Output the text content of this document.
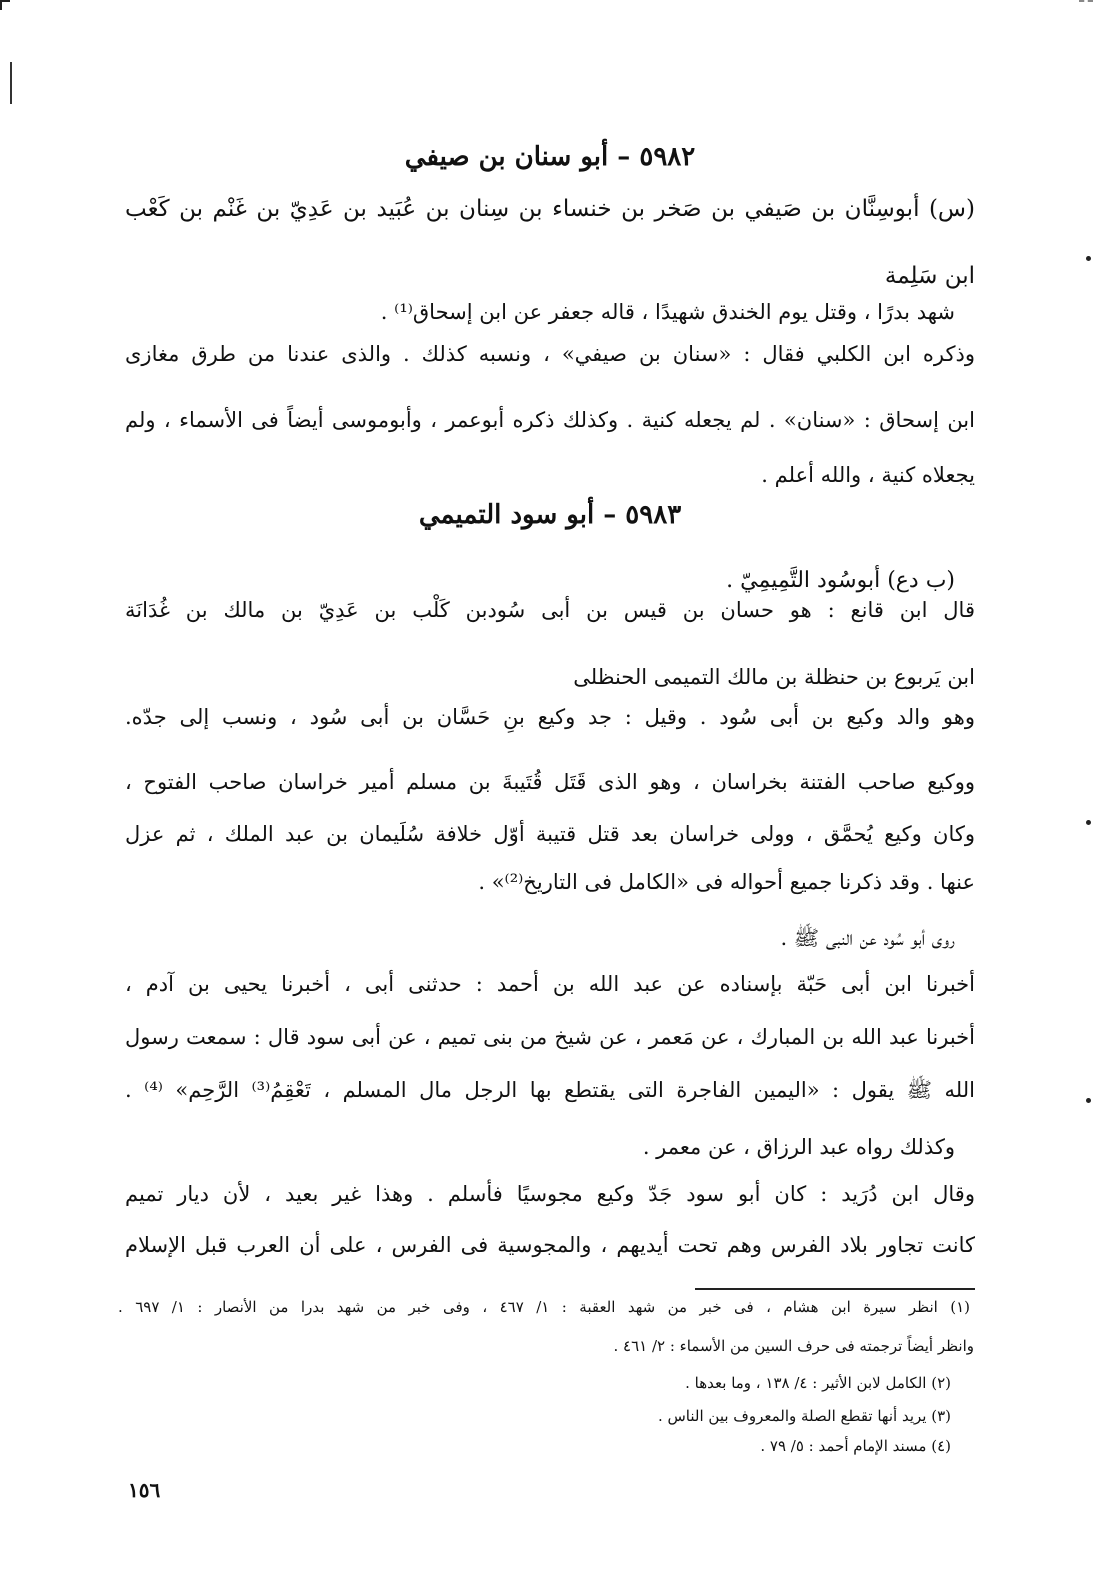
٥٩٨٢ – أبو سنان بن صيفي
(س) أبوسِنَّان بن صَيفي بن صَخر بن خنساء بن سِنان بن عُبَيد بن عَدِيّ بن غَنْم بن كَعْب
ابن سَلِمة
شهد بدرًا ، وقتل يوم الخندق شهيدًا ، قاله جعفر عن ابن إسحاق⁽¹⁾ .
وذكره ابن الكلبي فقال : «سنان بن صيفي» ، ونسبه كذلك . والذى عندنا من طرق مغازى
ابن إسحاق : «سنان» . لم يجعله كنية . وكذلك ذكره أبوعمر ، وأبوموسى أيضاً فى الأسماء ، ولم
يجعلاه كنية ، والله أعلم .
٥٩٨٣ – أبو سود التميمي
(ب دع) أبوسُود التَّمِيمِيّ .
قال ابن قانع : هو حسان بن قيس بن أبى سُودبن كَلْب بن عَدِيّ بن مالك بن غُدَانَة
ابن يَربوع بن حنظلة بن مالك التميمى الحنظلى
وهو والد وكيع بن أبى سُود . وقيل : جد وكيع بنِ حَسَّان بن أبى سُود ، ونسب إلى جدّه.
ووكيع صاحب الفتنة بخراسان ، وهو الذى قَتَل قُتَيبةَ بن مسلم أمير خراسان صاحب الفتوح ،
وكان وكيع يُحمَّق ، وولى خراسان بعد قتل قتيبة أوّل خلافة سُلَيمان بن عبد الملك ، ثم عزل
عنها . وقد ذكرنا جميع أحواله فى «الكامل فى التاريخ⁽²⁾» .
روى أبو سُود عن النبى ﷺ .
أخبرنا ابن أبى حَبّة بإسناده عن عبد الله بن أحمد : حدثنى أبى ، أخبرنا يحيى بن آدم ،
أخبرنا عبد الله بن المبارك ، عن مَعمر ، عن شيخ من بنى تميم ، عن أبى سود قال : سمعت رسول
الله ﷺ يقول : «اليمين الفاجرة التى يقتطع بها الرجل مال المسلم ، تَعْقِمُ⁽³⁾ الرَّحِم» ⁽⁴⁾ .
وكذلك رواه عبد الرزاق ، عن معمر .
وقال ابن دُرَيد : كان أبو سود جَدّ وكيع مجوسيًا فأسلم . وهذا غير بعيد ، لأن ديار تميم
كانت تجاور بلاد الفرس وهم تحت أيديهم ، والمجوسية فى الفرس ، على أن العرب قبل الإسلام
(١) انظر سيرة ابن هشام ، فى خبر من شهد العقبة : ١/ ٤٦٧ ، وفى خبر من شهد بدرا من الأنصار : ١/ ٦٩٧ .
وانظر أيضاً ترجمته فى حرف السين من الأسماء : ٢/ ٤٦١ .
(٢) الكامل لابن الأثير : ٤/ ١٣٨ ، وما بعدها .
(٣) يريد أنها تقطع الصلة والمعروف بين الناس .
(٤) مسند الإمام أحمد : ٥/ ٧٩ .
١٥٦
